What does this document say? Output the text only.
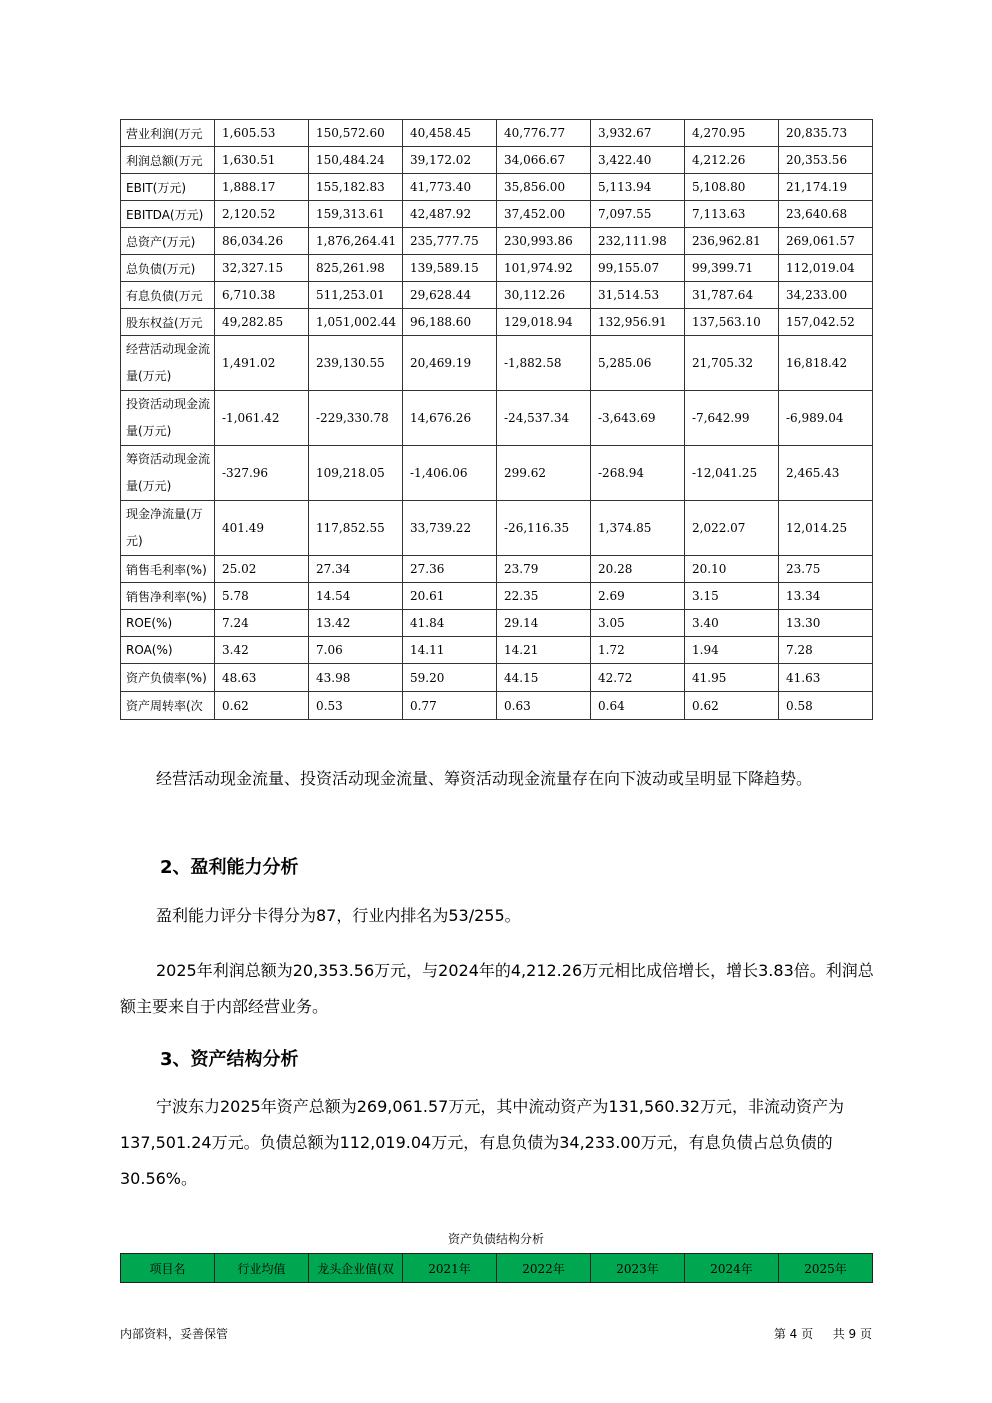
营业利润(万元	1,605.53	150,572.60	40,458.45	40,776.77	3,932.67	4,270.95	20,835.73
利润总额(万元	1,630.51	150,484.24	39,172.02	34,066.67	3,422.40	4,212.26	20,353.56
EBIT(万元)	1,888.17	155,182.83	41,773.40	35,856.00	5,113.94	5,108.80	21,174.19
EBITDA(万元)	2,120.52	159,313.61	42,487.92	37,452.00	7,097.55	7,113.63	23,640.68
总资产(万元)	86,034.26	1,876,264.41	235,777.75	230,993.86	232,111.98	236,962.81	269,061.57
总负债(万元)	32,327.15	825,261.98	139,589.15	101,974.92	99,155.07	99,399.71	112,019.04
有息负债(万元	6,710.38	511,253.01	29,628.44	30,112.26	31,514.53	31,787.64	34,233.00
股东权益(万元	49,282.85	1,051,002.44	96,188.60	129,018.94	132,956.91	137,563.10	157,042.52
经营活动现金流量(万元)	1,491.02	239,130.55	20,469.19	-1,882.58	5,285.06	21,705.32	16,818.42
投资活动现金流量(万元)	-1,061.42	-229,330.78	14,676.26	-24,537.34	-3,643.69	-7,642.99	-6,989.04
筹资活动现金流量(万元)	-327.96	109,218.05	-1,406.06	299.62	-268.94	-12,041.25	2,465.43
现金净流量(万元)	401.49	117,852.55	33,739.22	-26,116.35	1,374.85	2,022.07	12,014.25
销售毛利率(%)	25.02	27.34	27.36	23.79	20.28	20.10	23.75
销售净利率(%)	5.78	14.54	20.61	22.35	2.69	3.15	13.34
ROE(%)	7.24	13.42	41.84	29.14	3.05	3.40	13.30
ROA(%)	3.42	7.06	14.11	14.21	1.72	1.94	7.28
资产负债率(%)	48.63	43.98	59.20	44.15	42.72	41.95	41.63
资产周转率(次	0.62	0.53	0.77	0.63	0.64	0.62	0.58

经营活动现金流量、投资活动现金流量、筹资活动现金流量存在向下波动或呈明显下降趋势。

2、盈利能力分析

盈利能力评分卡得分为87，行业内排名为53/255。

2025年利润总额为20,353.56万元，与2024年的4,212.26万元相比成倍增长，增长3.83倍。利润总额主要来自于内部经营业务。

3、资产结构分析

宁波东力2025年资产总额为269,061.57万元，其中流动资产为131,560.32万元，非流动资产为137,501.24万元。负债总额为112,019.04万元，有息负债为34,233.00万元，有息负债占总负债的30.56%。

资产负债结构分析
项目名	行业均值	龙头企业值(双	2021年	2022年	2023年	2024年	2025年
内部资料，妥善保管	第 4 页 共 9 页
